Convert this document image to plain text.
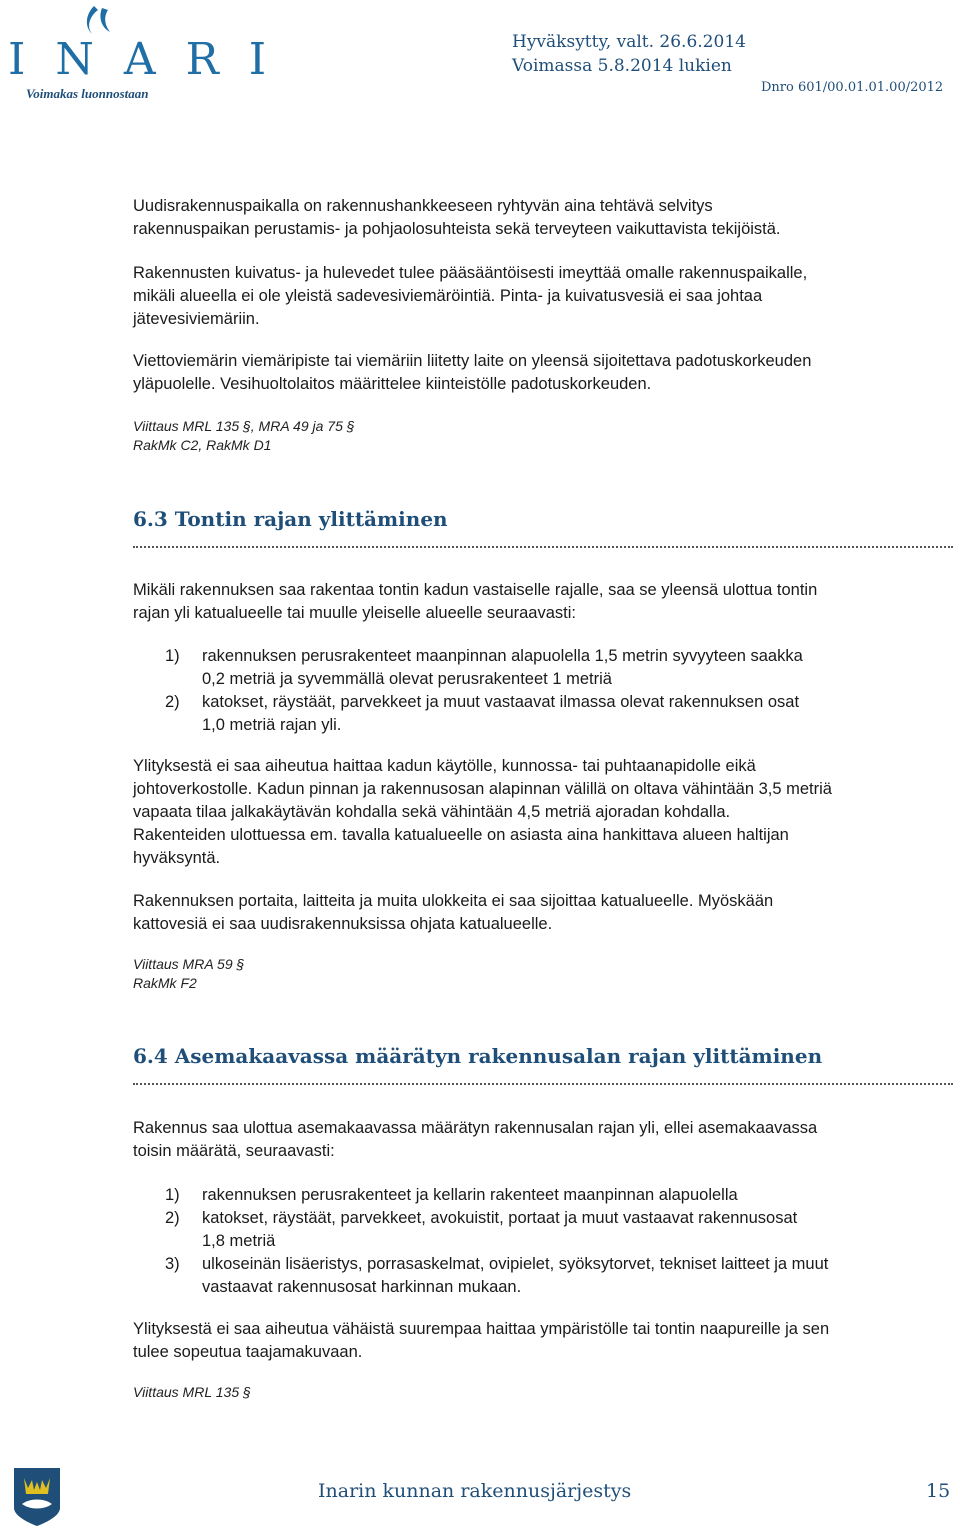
INARI
Voimakas luonnostaan
Hyväksytty, valt. 26.6.2014
Voimassa 5.8.2014 lukien
Dnro 601/00.01.01.00/2012

Uudisrakennuspaikalla on rakennushankkeeseen ryhtyvän aina tehtävä selvitys
rakennuspaikan perustamis- ja pohjaolosuhteista sekä terveyteen vaikuttavista tekijöistä.

Rakennusten kuivatus- ja hulevedet tulee pääsääntöisesti imeyttää omalle rakennuspaikalle,
mikäli alueella ei ole yleistä sadevesiviemäröintiä. Pinta- ja kuivatusvesiä ei saa johtaa
jätevesiviemäriin.

Viettoviemärin viemäripiste tai viemäriin liitetty laite on yleensä sijoitettava padotuskorkeuden
yläpuolelle. Vesihuoltolaitos määrittelee kiinteistölle padotuskorkeuden.

Viittaus MRL 135 §, MRA 49 ja 75 §
RakMk C2, RakMk D1
6.3 Tontin rajan ylittäminen

Mikäli rakennuksen saa rakentaa tontin kadun vastaiselle rajalle, saa se yleensä ulottua tontin
rajan yli katualueelle tai muulle yleiselle alueelle seuraavasti:

1) rakennuksen perusrakenteet maanpinnan alapuolella 1,5 metrin syvyyteen saakka
0,2 metriä ja syvemmällä olevat perusrakenteet 1 metriä
2) katokset, räystäät, parvekkeet ja muut vastaavat ilmassa olevat rakennuksen osat
1,0 metriä rajan yli.

Ylityksestä ei saa aiheutua haittaa kadun käytölle, kunnossa- tai puhtaanapidolle eikä
johtoverkostolle. Kadun pinnan ja rakennusosan alapinnan välillä on oltava vähintään 3,5 metriä
vapaata tilaa jalkakäytävän kohdalla sekä vähintään 4,5 metriä ajoradan kohdalla.
Rakenteiden ulottuessa em. tavalla katualueelle on asiasta aina hankittava alueen haltijan
hyväksyntä.

Rakennuksen portaita, laitteita ja muita ulokkeita ei saa sijoittaa katualueelle. Myöskään
kattovesiä ei saa uudisrakennuksissa ohjata katualueelle.

Viittaus MRA 59 §
RakMk F2
6.4 Asemakaavassa määrätyn rakennusalan rajan ylittäminen

Rakennus saa ulottua asemakaavassa määrätyn rakennusalan rajan yli, ellei asemakaavassa
toisin määrätä, seuraavasti:

1) rakennuksen perusrakenteet ja kellarin rakenteet maanpinnan alapuolella
2) katokset, räystäät, parvekkeet, avokuistit, portaat ja muut vastaavat rakennusosat
1,8 metriä
3) ulkoseinän lisäeristys, porrasaskelmat, ovipielet, syöksytorvet, tekniset laitteet ja muut
vastaavat rakennusosat harkinnan mukaan.

Ylityksestä ei saa aiheutua vähäistä suurempaa haittaa ympäristölle tai tontin naapureille ja sen
tulee sopeutua taajamakuvaan.

Viittaus MRL 135 §
Inarin kunnan rakennusjärjestys	15
